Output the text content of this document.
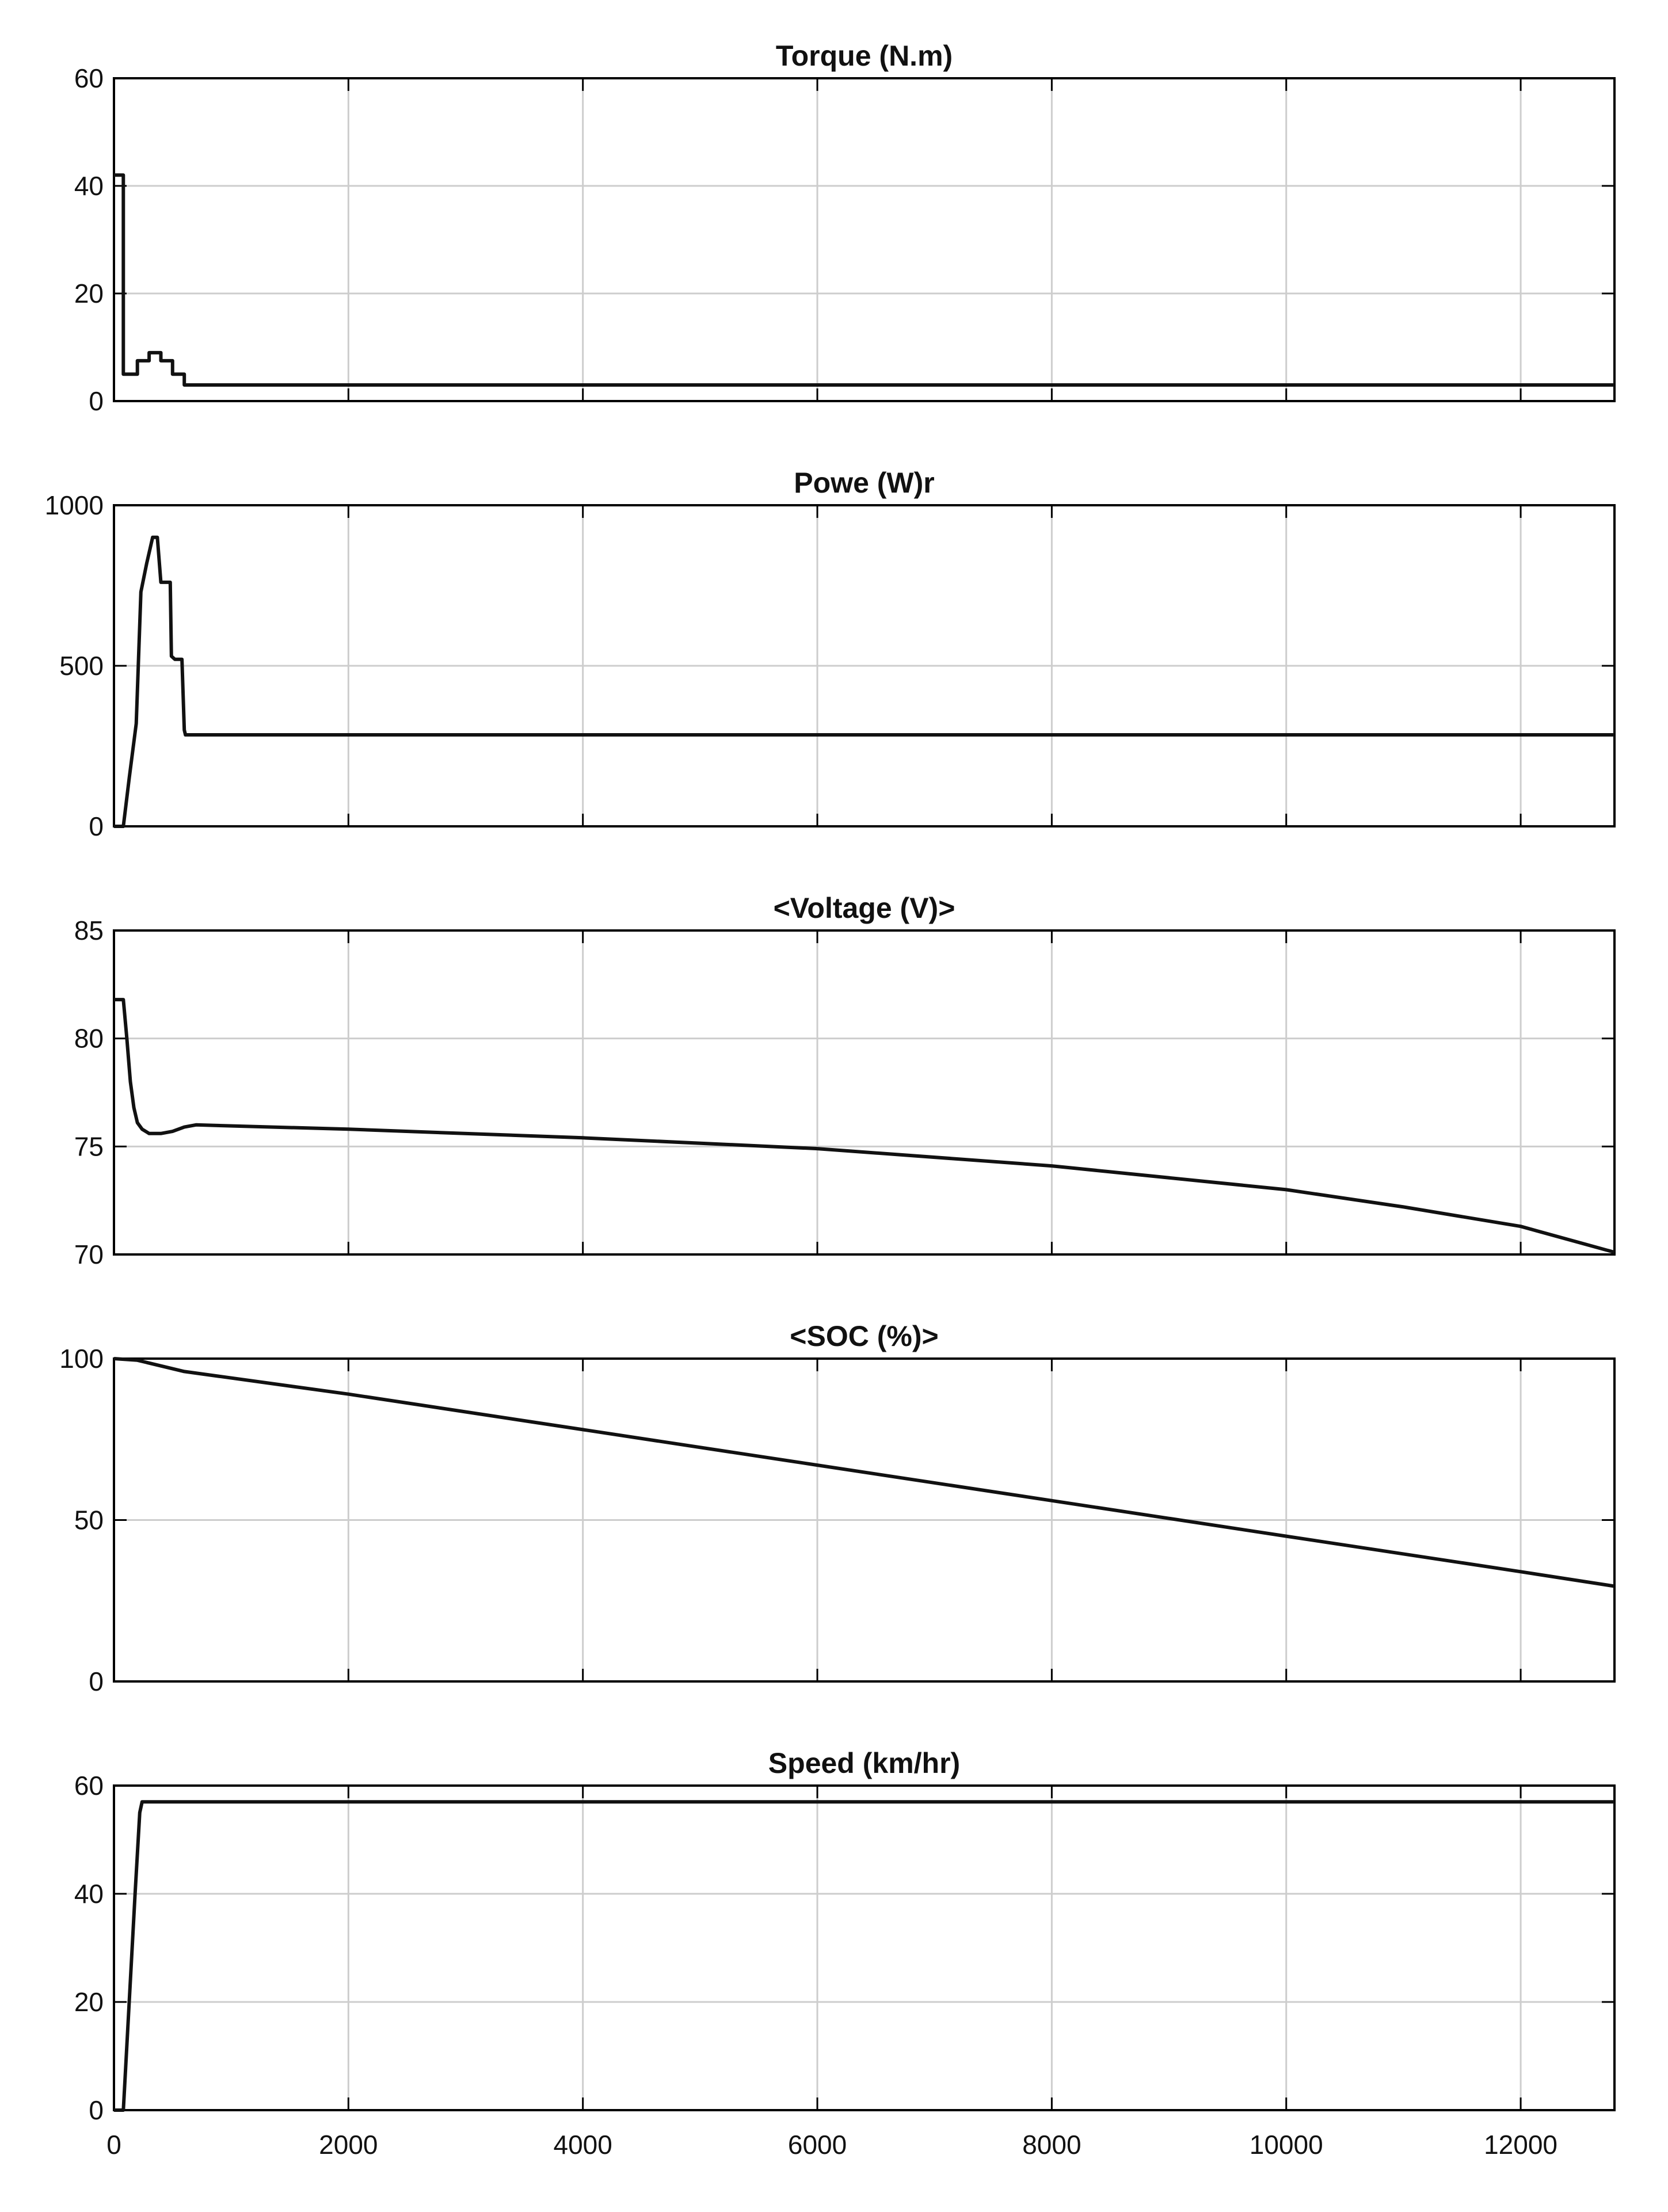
0
20
40
60
Torque (N.m)
0
500
1000
Powe (W)r
70
75
80
85
<Voltage (V)>
0
50
100
<SOC (%)>
0
20
40
60
0	2000	4000	6000	8000	10000	12000
Speed (km/hr)
